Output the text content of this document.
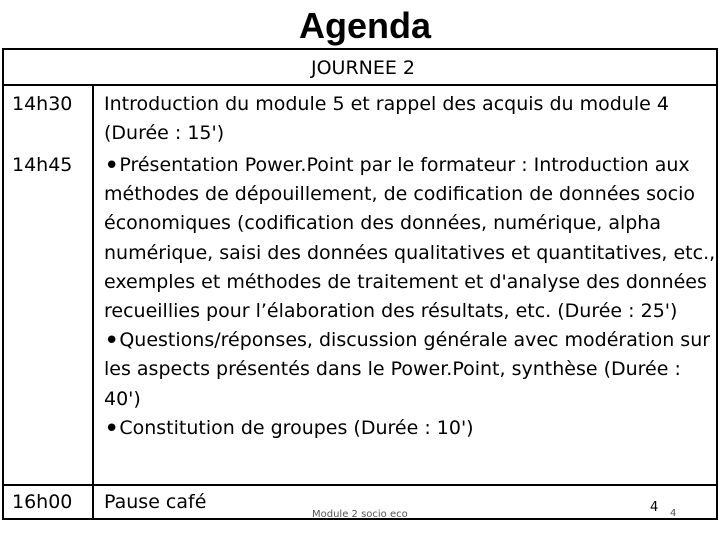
Agenda
JOURNEE 2
14h30 Introduction du module 5 et rappel des acquis du module 4 (Durée : 15')
14h45 •Présentation Power.Point par le formateur : Introduction aux méthodes de dépouillement, de codification de données socio économiques (codification des données, numérique, alpha numérique, saisi des données qualitatives et quantitatives, etc., exemples et méthodes de traitement et d'analyse des données recueillies pour l’élaboration des résultats, etc. (Durée : 25')
•Questions/réponses, discussion générale avec modération sur les aspects présentés dans le Power.Point, synthèse (Durée : 40')
•Constitution de groupes (Durée : 10')
16h00 Pause café
Module 2 socio eco	4 4
